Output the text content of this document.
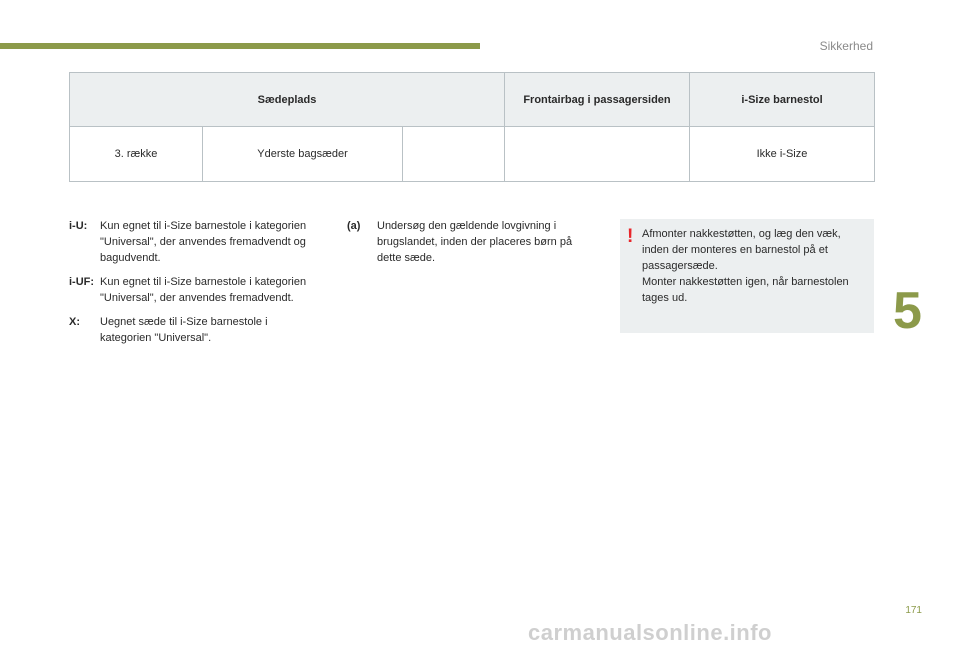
Sikkerhed
5
Sædeplads			Frontairbag i passagersiden	i-Size barnestol
3. række	Yderste bagsæder			Ikke i-Size
i-U:	Kun egnet til i-Size barnestole i kategorien "Universal", der anvendes fremadvendt og bagudvendt.
i-UF: Kun egnet til i-Size barnestole i kategorien "Universal", der anvendes fremadvendt.
X:	Uegnet sæde til i-Size barnestole i kategorien "Universal".
(a)	Undersøg den gældende lovgivning i brugslandet, inden der placeres børn på dette sæde.
! Afmonter nakkestøtten, og læg den væk, inden der monteres en barnestol på et passagersæde.
Monter nakkestøtten igen, når barnestolen tages ud.
171
carmanualsonline.info
